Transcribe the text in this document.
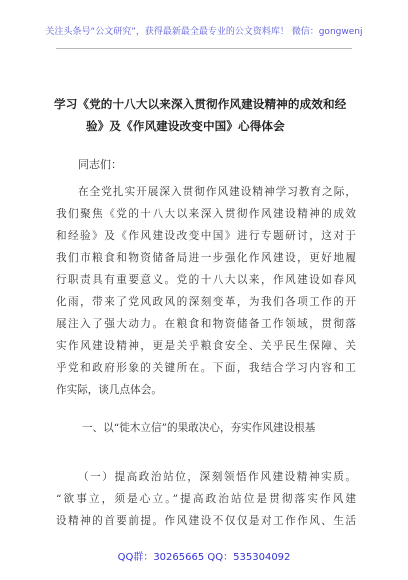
关注头条号“公文研究”，获得最新最全最专业的公文资料库！ 微信：gongwenj
学习《党的十八大以来深入贯彻作风建设精神的成效和经
验》及《作风建设改变中国》心得体会
同志们：
在全党扎实开展深入贯彻作风建设精神学习教育之际，
我们聚焦《党的十八大以来深入贯彻作风建设精神的成效
和经验》及《作风建设改变中国》进行专题研讨，这对于
我们市粮食和物资储备局进一步强化作风建设，更好地履
行职责具有重要意义。党的十八大以来，作风建设如春风
化雨，带来了党风政风的深刻变革，为我们各项工作的开
展注入了强大动力。在粮食和物资储备工作领域，贯彻落
实作风建设精神，更是关乎粮食安全、关乎民生保障、关
乎党和政府形象的关键所在。下面，我结合学习内容和工
作实际，谈几点体会。
一、以“徙木立信”的果敢决心，夯实作风建设根基
（一）提高政治站位，深刻领悟作风建设精神实质。
“欲事立，须是心立。”提高政治站位是贯彻落实作风建
设精神的首要前提。作风建设不仅仅是对工作作风、生活
QQ群：30265665 QQ：535304092
